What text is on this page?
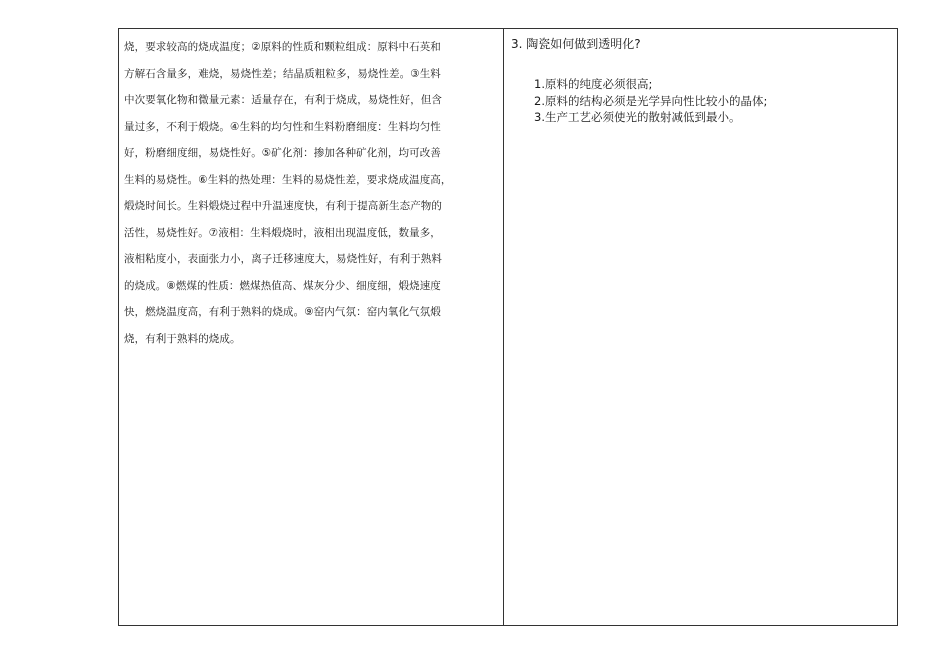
烧，要求较高的烧成温度；②原料的性质和颗粒组成：原料中石英和
方解石含量多，难烧，易烧性差；结晶质粗粒多，易烧性差。③生料
中次要氧化物和微量元素：适量存在，有利于烧成，易烧性好，但含
量过多，不利于煅烧。④生料的均匀性和生料粉磨细度：生料均匀性
好，粉磨细度细，易烧性好。⑤矿化剂：掺加各种矿化剂，均可改善
生料的易烧性。⑥生料的热处理：生料的易烧性差，要求烧成温度高，
煅烧时间长。生料煅烧过程中升温速度快，有利于提高新生态产物的
活性，易烧性好。⑦液相：生料煅烧时，液相出现温度低，数量多，
液相粘度小，表面张力小，离子迁移速度大，易烧性好，有利于熟料
的烧成。⑧燃煤的性质：燃煤热值高、煤灰分少、细度细，煅烧速度
快，燃烧温度高，有利于熟料的烧成。⑨窑内气氛：窑内氧化气氛煅
烧，有利于熟料的烧成。
3. 陶瓷如何做到透明化?
1.原料的纯度必须很高;
2.原料的结构必须是光学异向性比较小的晶体;
3.生产工艺必须使光的散射减低到最小。
